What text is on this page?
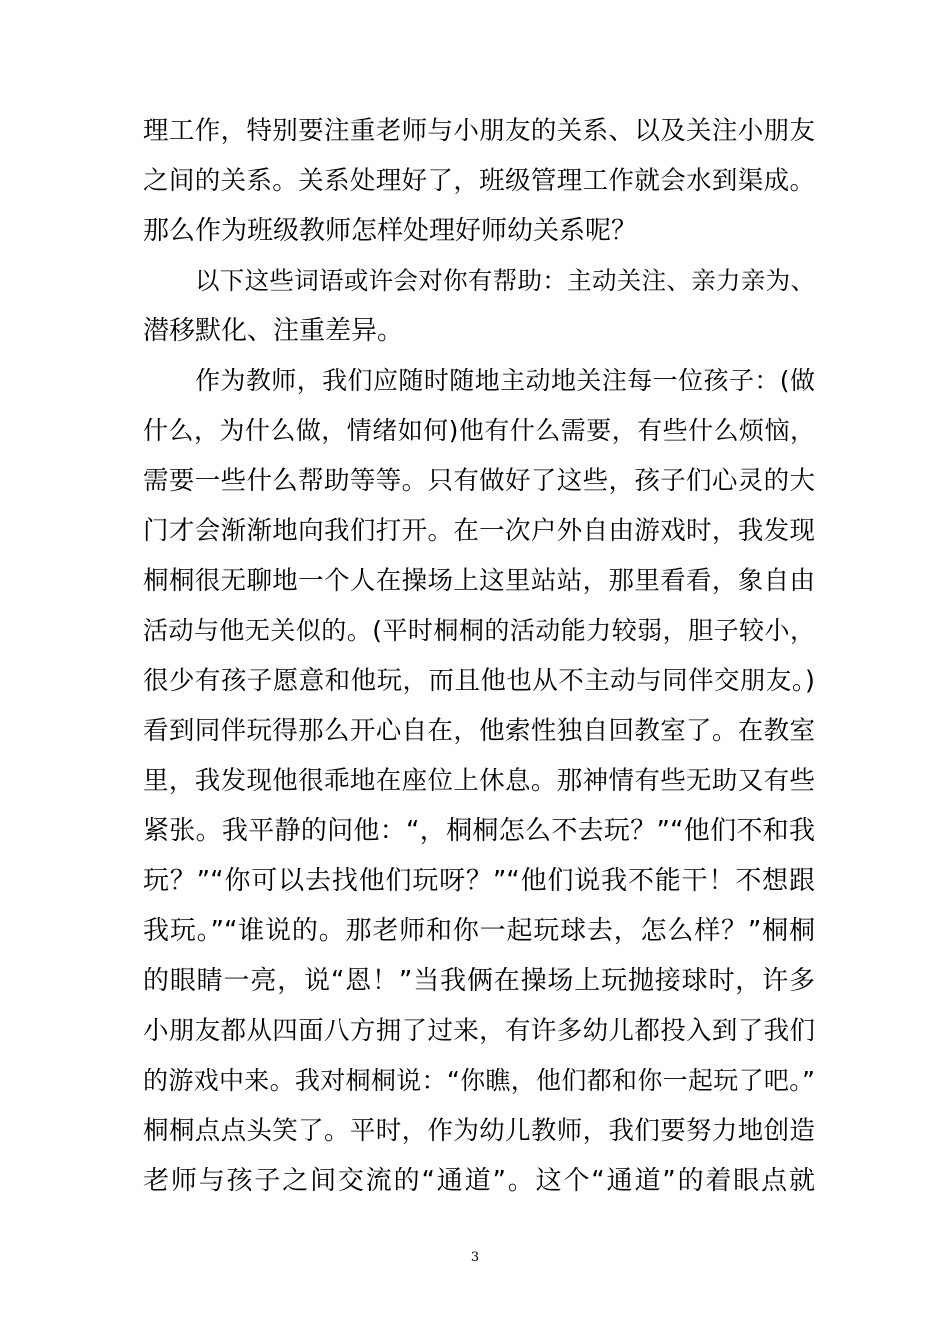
理工作，特别要注重老师与小朋友的关系、以及关注小朋友
之间的关系。关系处理好了，班级管理工作就会水到渠成。
那么作为班级教师怎样处理好师幼关系呢？
以下这些词语或许会对你有帮助：主动关注、亲力亲为、
潜移默化、注重差异。
作为教师，我们应随时随地主动地关注每一位孩子：(做
什么，为什么做，情绪如何)他有什么需要，有些什么烦恼，
需要一些什么帮助等等。只有做好了这些，孩子们心灵的大
门才会渐渐地向我们打开。在一次户外自由游戏时，我发现
桐桐很无聊地一个人在操场上这里站站，那里看看，象自由
活动与他无关似的。(平时桐桐的活动能力较弱，胆子较小，
很少有孩子愿意和他玩，而且他也从不主动与同伴交朋友。)
看到同伴玩得那么开心自在，他索性独自回教室了。在教室
里，我发现他很乖地在座位上休息。那神情有些无助又有些
紧张。我平静的问他：“，桐桐怎么不去玩？”“他们不和我
玩？”“你可以去找他们玩呀？”“他们说我不能干！不想跟
我玩。”“谁说的。那老师和你一起玩球去，怎么样？”桐桐
的眼睛一亮，说“恩！”当我俩在操场上玩抛接球时，许多
小朋友都从四面八方拥了过来，有许多幼儿都投入到了我们
的游戏中来。我对桐桐说：“你瞧，他们都和你一起玩了吧。”
桐桐点点头笑了。平时，作为幼儿教师，我们要努力地创造
老师与孩子之间交流的“通道”。这个“通道”的着眼点就
3
